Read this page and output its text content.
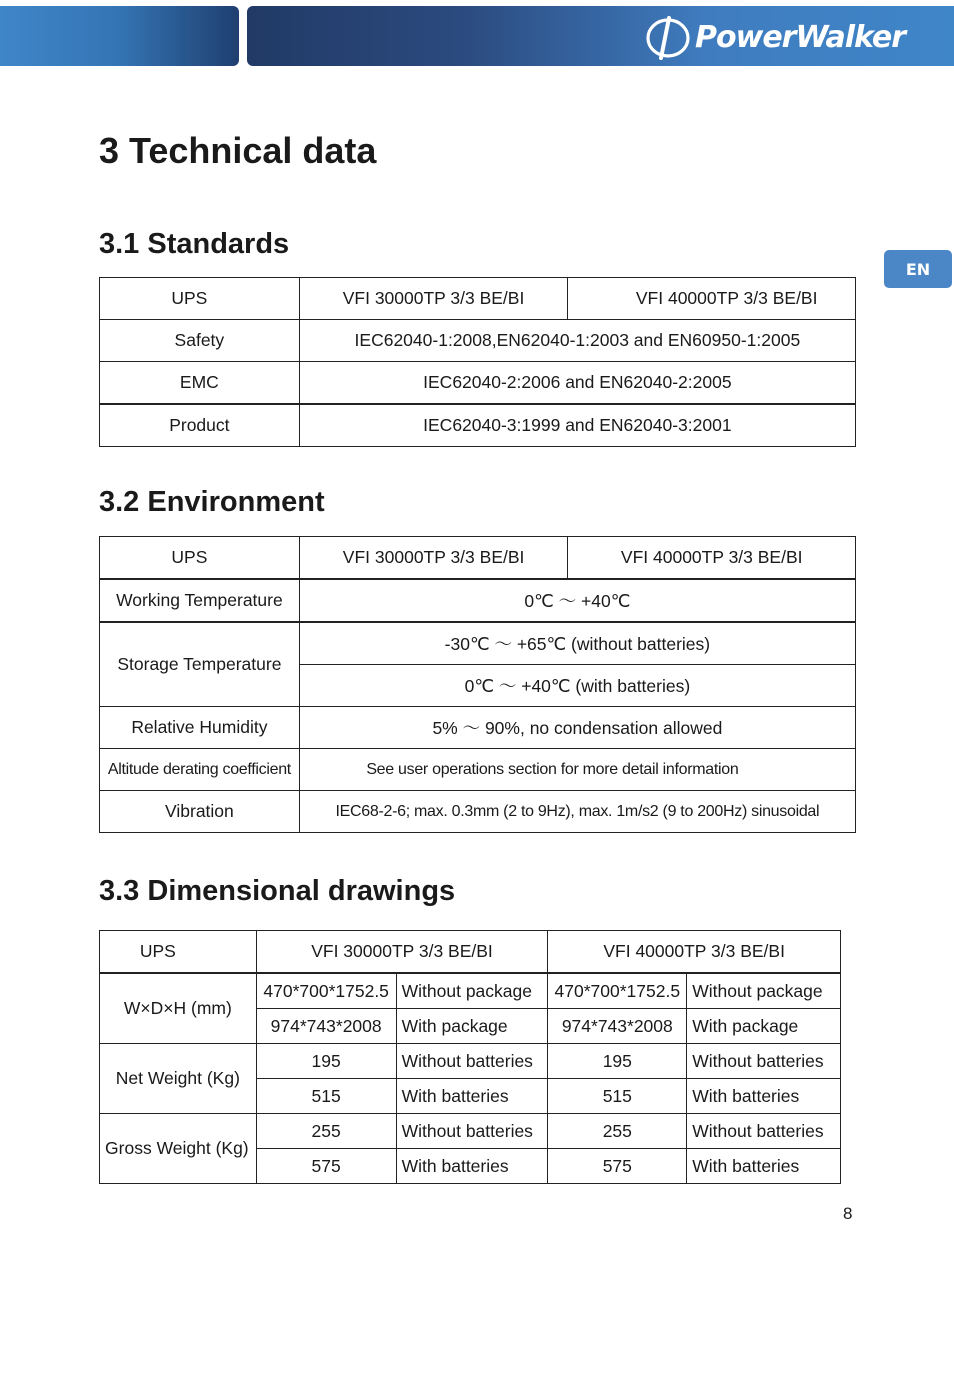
PowerWalker
EN
3 Technical data
3.1 Standards
UPS	VFI 30000TP 3/3 BE/BI	VFI 40000TP 3/3 BE/BI
Safety	IEC62040-1:2008,EN62040-1:2003 and EN60950-1:2005	
EMC	IEC62040-2:2006 and EN62040-2:2005	
Product	IEC62040-3:1999 and EN62040-3:2001	
3.2 Environment
UPS	VFI 30000TP 3/3 BE/BI	VFI 40000TP 3/3 BE/BI
Working Temperature	0℃ ～ +40℃	
Storage Temperature	-30℃ ～ +65℃ (without batteries)	
	0℃ ～ +40℃ (with batteries)	
Relative Humidity	5% ～ 90%, no condensation allowed	
Altitude derating coefficient	See user operations section for more detail information	
Vibration	IEC68-2-6; max. 0.3mm (2 to 9Hz), max. 1m/s2 (9 to 200Hz) sinusoidal	
3.3 Dimensional drawings
UPS	VFI 30000TP 3/3 BE/BI		VFI 40000TP 3/3 BE/BI	
W×D×H (mm)	470*700*1752.5	Without package	470*700*1752.5	Without package
	974*743*2008	With package	974*743*2008	With package
Net Weight (Kg)	195	Without batteries	195	Without batteries
	515	With batteries	515	With batteries
Gross Weight (Kg)	255	Without batteries	255	Without batteries
	575	With batteries	575	With batteries
8
